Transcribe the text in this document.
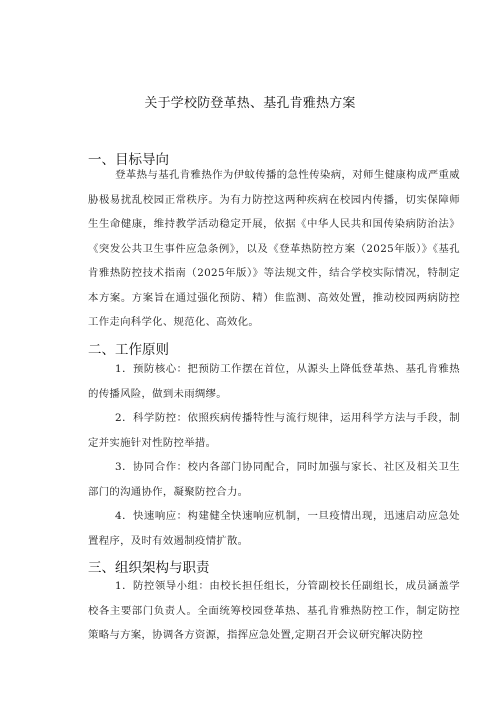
关于学校防登革热、基孔肯雅热方案
一、目标导向
登革热与基孔肯雅热作为伊蚊传播的急性传染病，对师生健康构成严重威胁极易扰乱校园正常秩序。为有力防控这两种疾病在校园内传播，切实保障师生生命健康，维持教学活动稳定开展，依据《中华人民共和国传染病防治法》《突发公共卫生事件应急条例》，以及《登革热防控方案（2025年版）》《基孔肯雅热防控技术指南（2025年版）》等法规文件，结合学校实际情况，特制定本方案。方案旨在通过强化预防、精）隹监测、高效处置，推动校园两病防控工作走向科学化、规范化、高效化。
二、工作原则
1．预防核心：把预防工作摆在首位，从源头上降低登革热、基孔肯雅热的传播风险，做到未雨绸缪。
2．科学防控：依照疾病传播特性与流行规律，运用科学方法与手段，制定并实施针对性防控举措。
3．协同合作：校内各部门协同配合，同时加强与家长、社区及相关卫生部门的沟通协作，凝聚防控合力。
4．快速响应：构建健全快速响应机制，一旦疫情出现，迅速启动应急处置程序，及时有效遏制疫情扩散。
三、组织架构与职责
1．防控领导小组：由校长担任组长，分管副校长任副组长，成员涵盖学校各主要部门负责人。全面统筹校园登革热、基孔肯雅热防控工作，制定防控策略与方案，协调各方资源，指挥应急处置,定期召开会议研究解决防控
